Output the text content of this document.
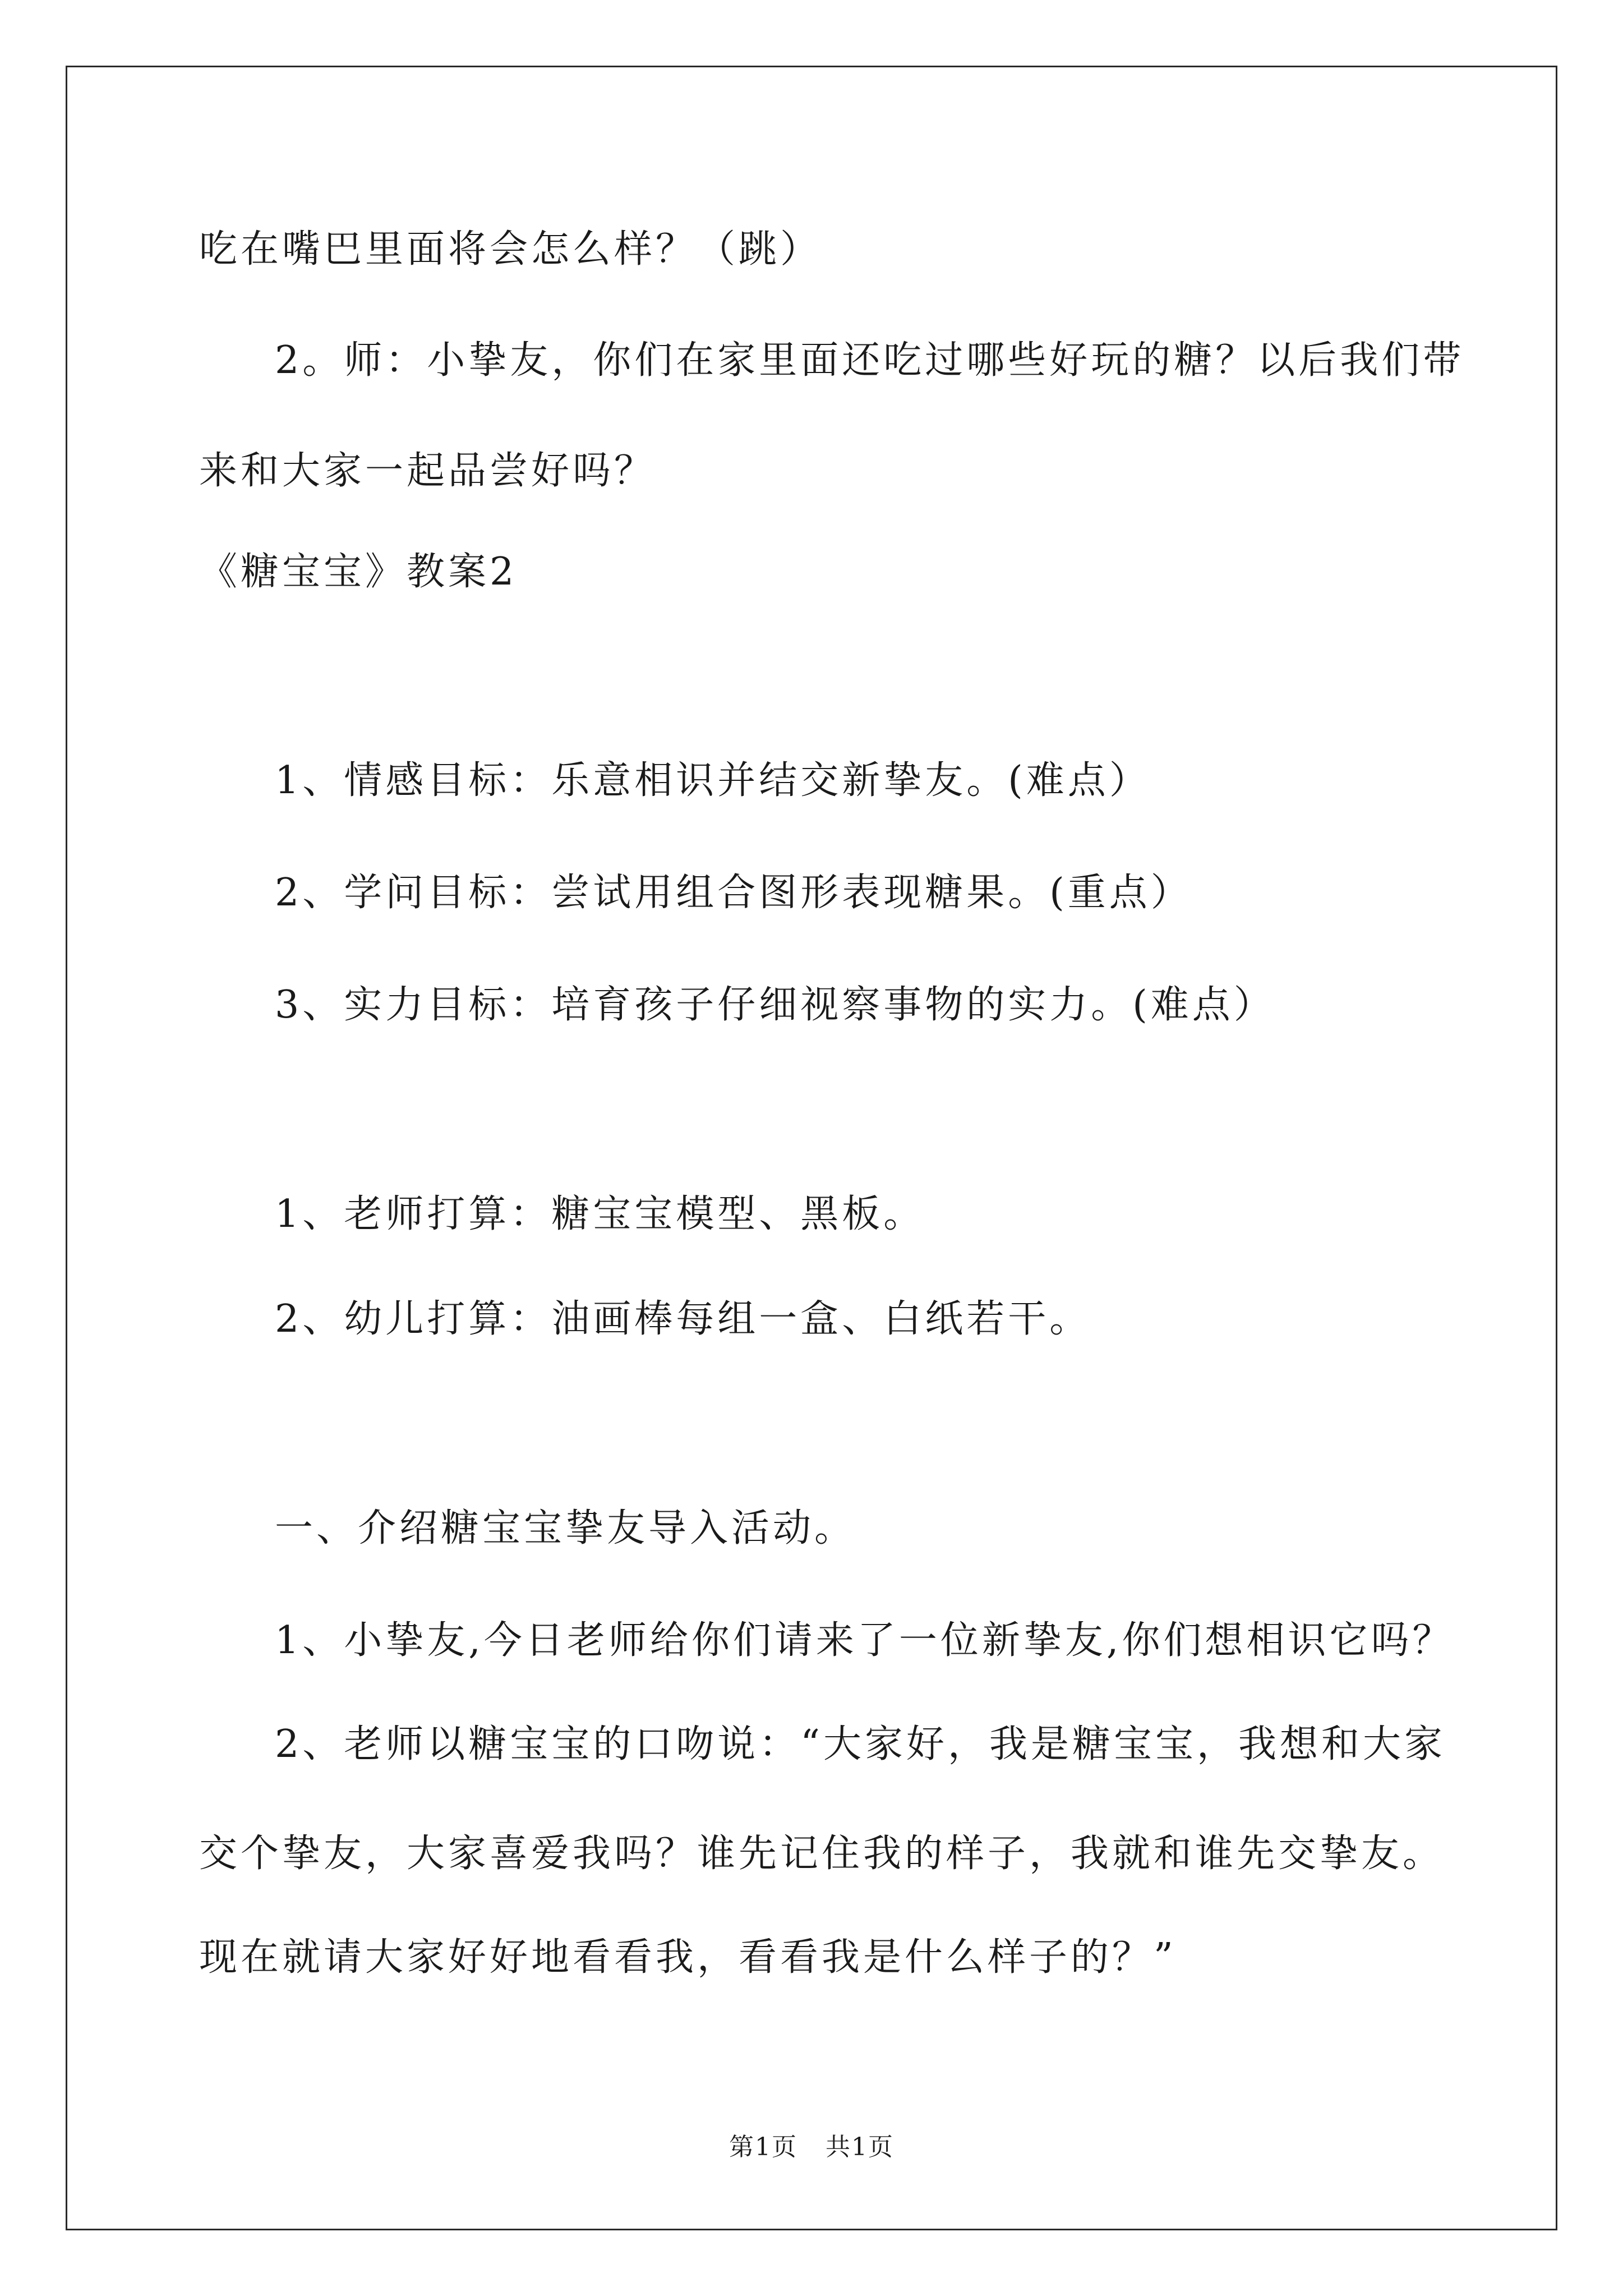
吃在嘴巴里面将会怎么样？（跳）
2。师：小挚友，你们在家里面还吃过哪些好玩的糖？以后我们带
来和大家一起品尝好吗？
《糖宝宝》教案2
1、情感目标：乐意相识并结交新挚友。(难点）
2、学问目标：尝试用组合图形表现糖果。(重点）
3、实力目标：培育孩子仔细视察事物的实力。(难点）
1、老师打算：糖宝宝模型、黑板。
2、幼儿打算：油画棒每组一盒、白纸若干。
一、介绍糖宝宝挚友导入活动。
1、小挚友,今日老师给你们请来了一位新挚友,你们想相识它吗？
2、老师以糖宝宝的口吻说：“大家好，我是糖宝宝，我想和大家
交个挚友，大家喜爱我吗？谁先记住我的样子，我就和谁先交挚友。
现在就请大家好好地看看我，看看我是什么样子的？”
第1页 共1页
